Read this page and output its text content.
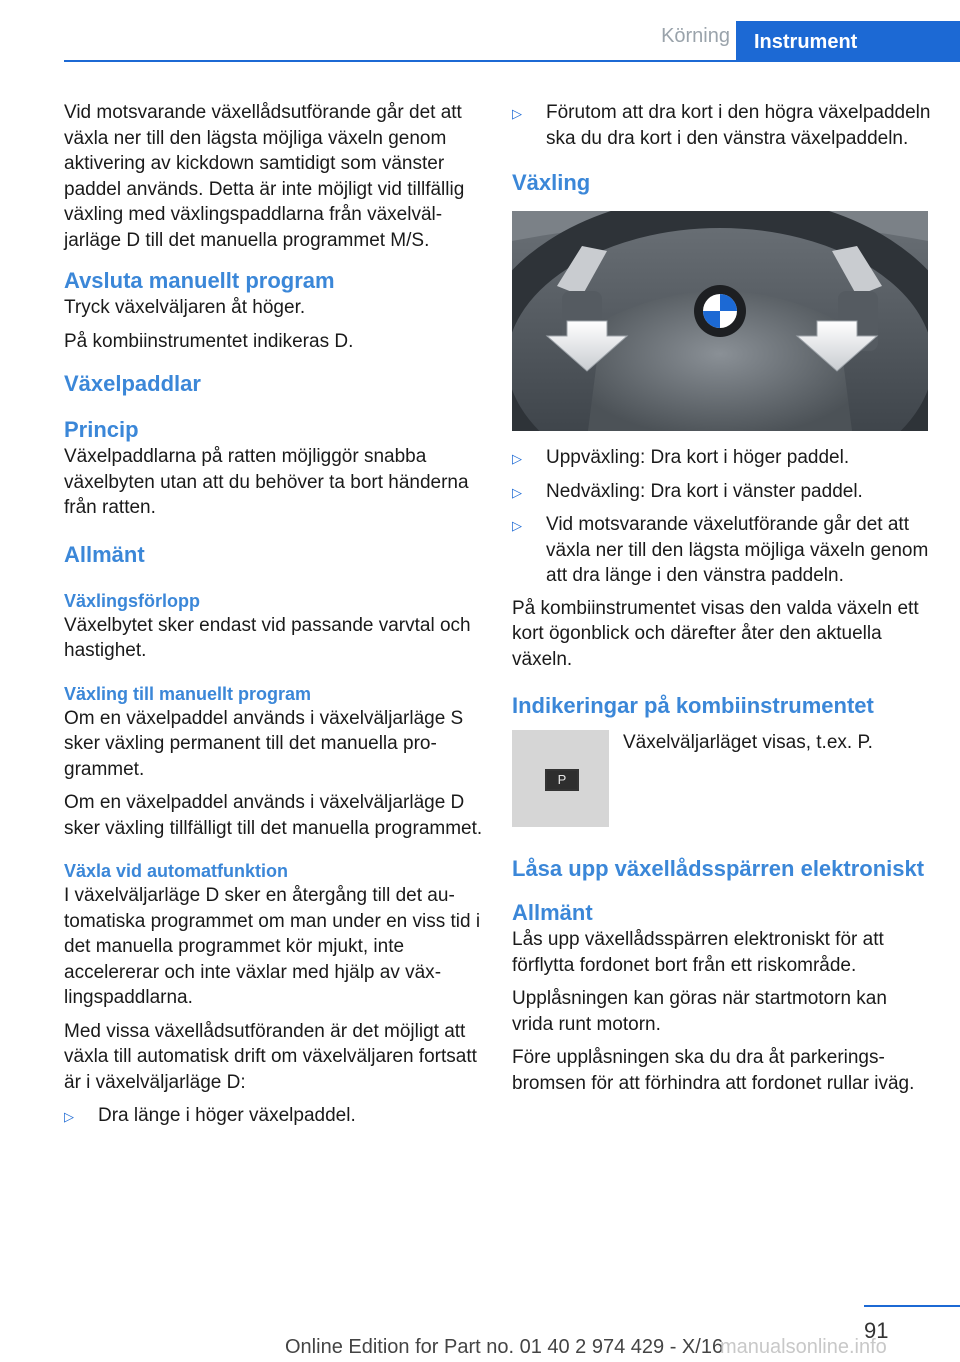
Körning	Instrument

Vid motsvarande växellådsutförande går det att växla ner till den lägsta möjliga växeln genom aktivering av kickdown samtidigt som vänster paddel används. Detta är inte möjligt vid tillfällig växling med växlingspaddlarna från växelväljarläge D till det manuella programmet M/S.

Avsluta manuellt program

Tryck växelväljaren åt höger.

På kombiinstrumentet indikeras D.

Växelpaddlar
Princip

Växelpaddlarna på ratten möjliggör snabba växelbyten utan att du behöver ta bort händerna från ratten.

Allmänt
Växlingsförlopp

Växelbytet sker endast vid passande varvtal och hastighet.

Växling till manuellt program

Om en växelpaddel används i växelväljarläge S sker växling permanent till det manuella programmet.

Om en växelpaddel används i växelväljarläge D sker växling tillfälligt till det manuella programmet.

Växla vid automatfunktion

I växelväljarläge D sker en återgång till det automatiska programmet om man under en viss tid i det manuella programmet kör mjukt, inte accelererar och inte växlar med hjälp av växlingspaddlarna.

Med vissa växellådsutföranden är det möjligt att växla till automatisk drift om växelväljaren fortsatt är i växelväljarläge D:

▷	Dra länge i höger växelpaddel.
▷	Förutom att dra kort i den högra växelpaddeln ska du dra kort i den vänstra växelpaddeln.
Växling
▷	Uppväxling: Dra kort i höger paddel.
▷	Nedväxling: Dra kort i vänster paddel.
▷	Vid motsvarande växelutförande går det att växla ner till den lägsta möjliga växeln genom att dra länge i den vänstra paddeln.

På kombiinstrumentet visas den valda växeln ett kort ögonblick och därefter åter den aktuella växeln.

Indikeringar på kombiinstrumentet
P

Växelväljarläget visas, t.ex. P.

Låsa upp växellådsspärren elektroniskt
Allmänt

Lås upp växellådsspärren elektroniskt för att förflytta fordonet bort från ett riskområde.

Upplåsningen kan göras när startmotorn kan vrida runt motorn.

Före upplåsningen ska du dra åt parkeringsbromsen för att förhindra att fordonet rullar iväg.

91
Online Edition for Part no. 01 40 2 974 429 - X/16
manualsonline.info
